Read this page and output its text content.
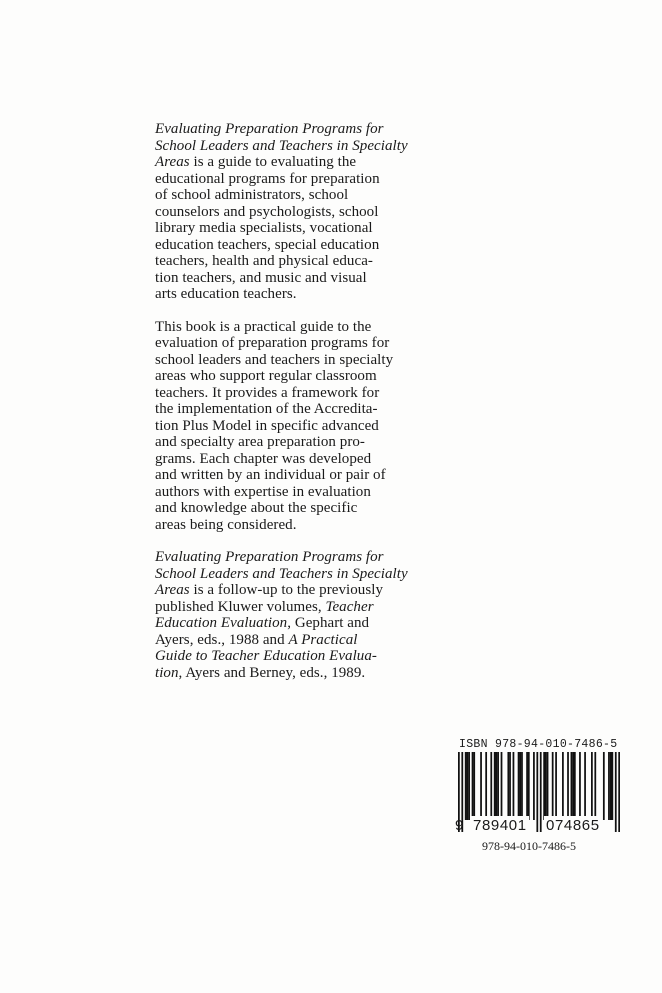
Evaluating Preparation Programs for
School Leaders and Teachers in Specialty
Areas is a guide to evaluating the
educational programs for preparation
of school administrators, school
counselors and psychologists, school
library media specialists, vocational
education teachers, special education
teachers, health and physical educa-
tion teachers, and music and visual
arts education teachers.
This book is a practical guide to the
evaluation of preparation programs for
school leaders and teachers in specialty
areas who support regular classroom
teachers. It provides a framework for
the implementation of the Accredita-
tion Plus Model in specific advanced
and specialty area preparation pro-
grams. Each chapter was developed
and written by an individual or pair of
authors with expertise in evaluation
and knowledge about the specific
areas being considered.
Evaluating Preparation Programs for
School Leaders and Teachers in Specialty
Areas is a follow-up to the previously
published Kluwer volumes, Teacher
Education Evaluation, Gephart and
Ayers, eds., 1988 and A Practical
Guide to Teacher Education Evalua-
tion, Ayers and Berney, eds., 1989.
ISBN 978-94-010-7486-5
9 789401 074865
978-94-010-7486-5
